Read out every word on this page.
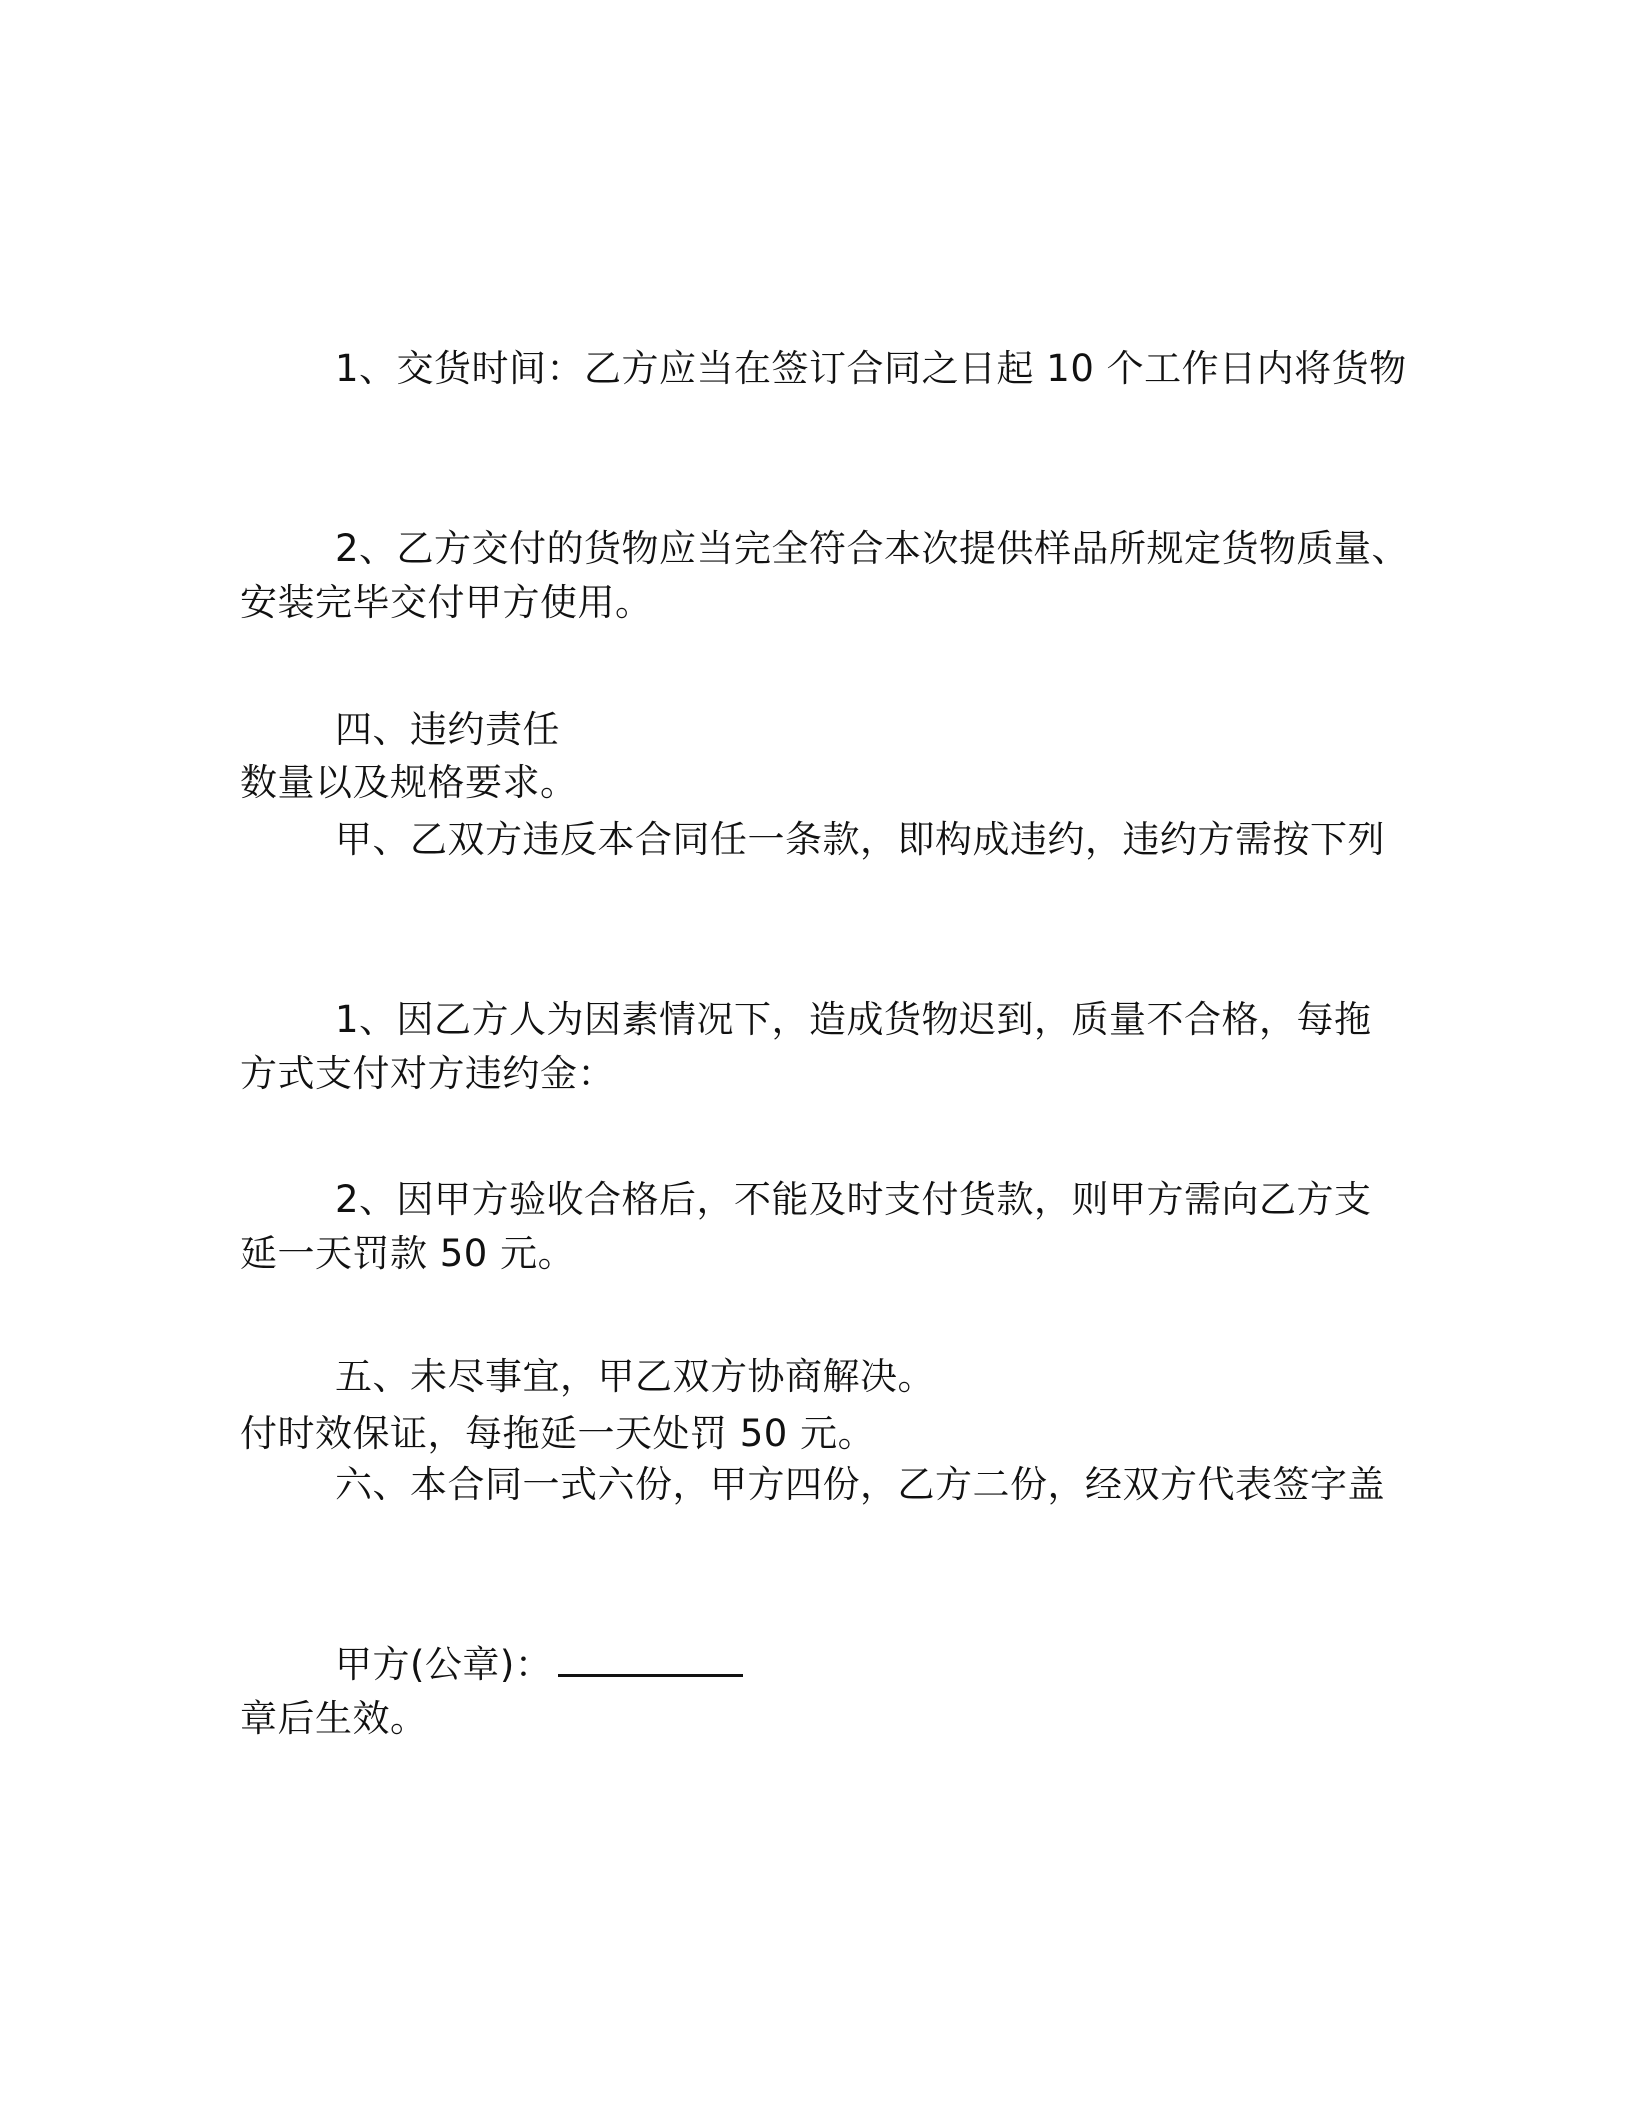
1、交货时间：乙方应当在签订合同之日起 10 个工作日内将货物

安装完毕交付甲方使用。

2、乙方交付的货物应当完全符合本次提供样品所规定货物质量、

数量以及规格要求。

四、违约责任

甲、乙双方违反本合同任一条款，即构成违约，违约方需按下列

方式支付对方违约金：

1、因乙方人为因素情况下，造成货物迟到，质量不合格，每拖

延一天罚款 50 元。

2、因甲方验收合格后，不能及时支付货款，则甲方需向乙方支

付时效保证，每拖延一天处罚 50 元。

五、未尽事宜，甲乙双方协商解决。

六、本合同一式六份，甲方四份，乙方二份，经双方代表签字盖

章后生效。

甲方(公章)：
